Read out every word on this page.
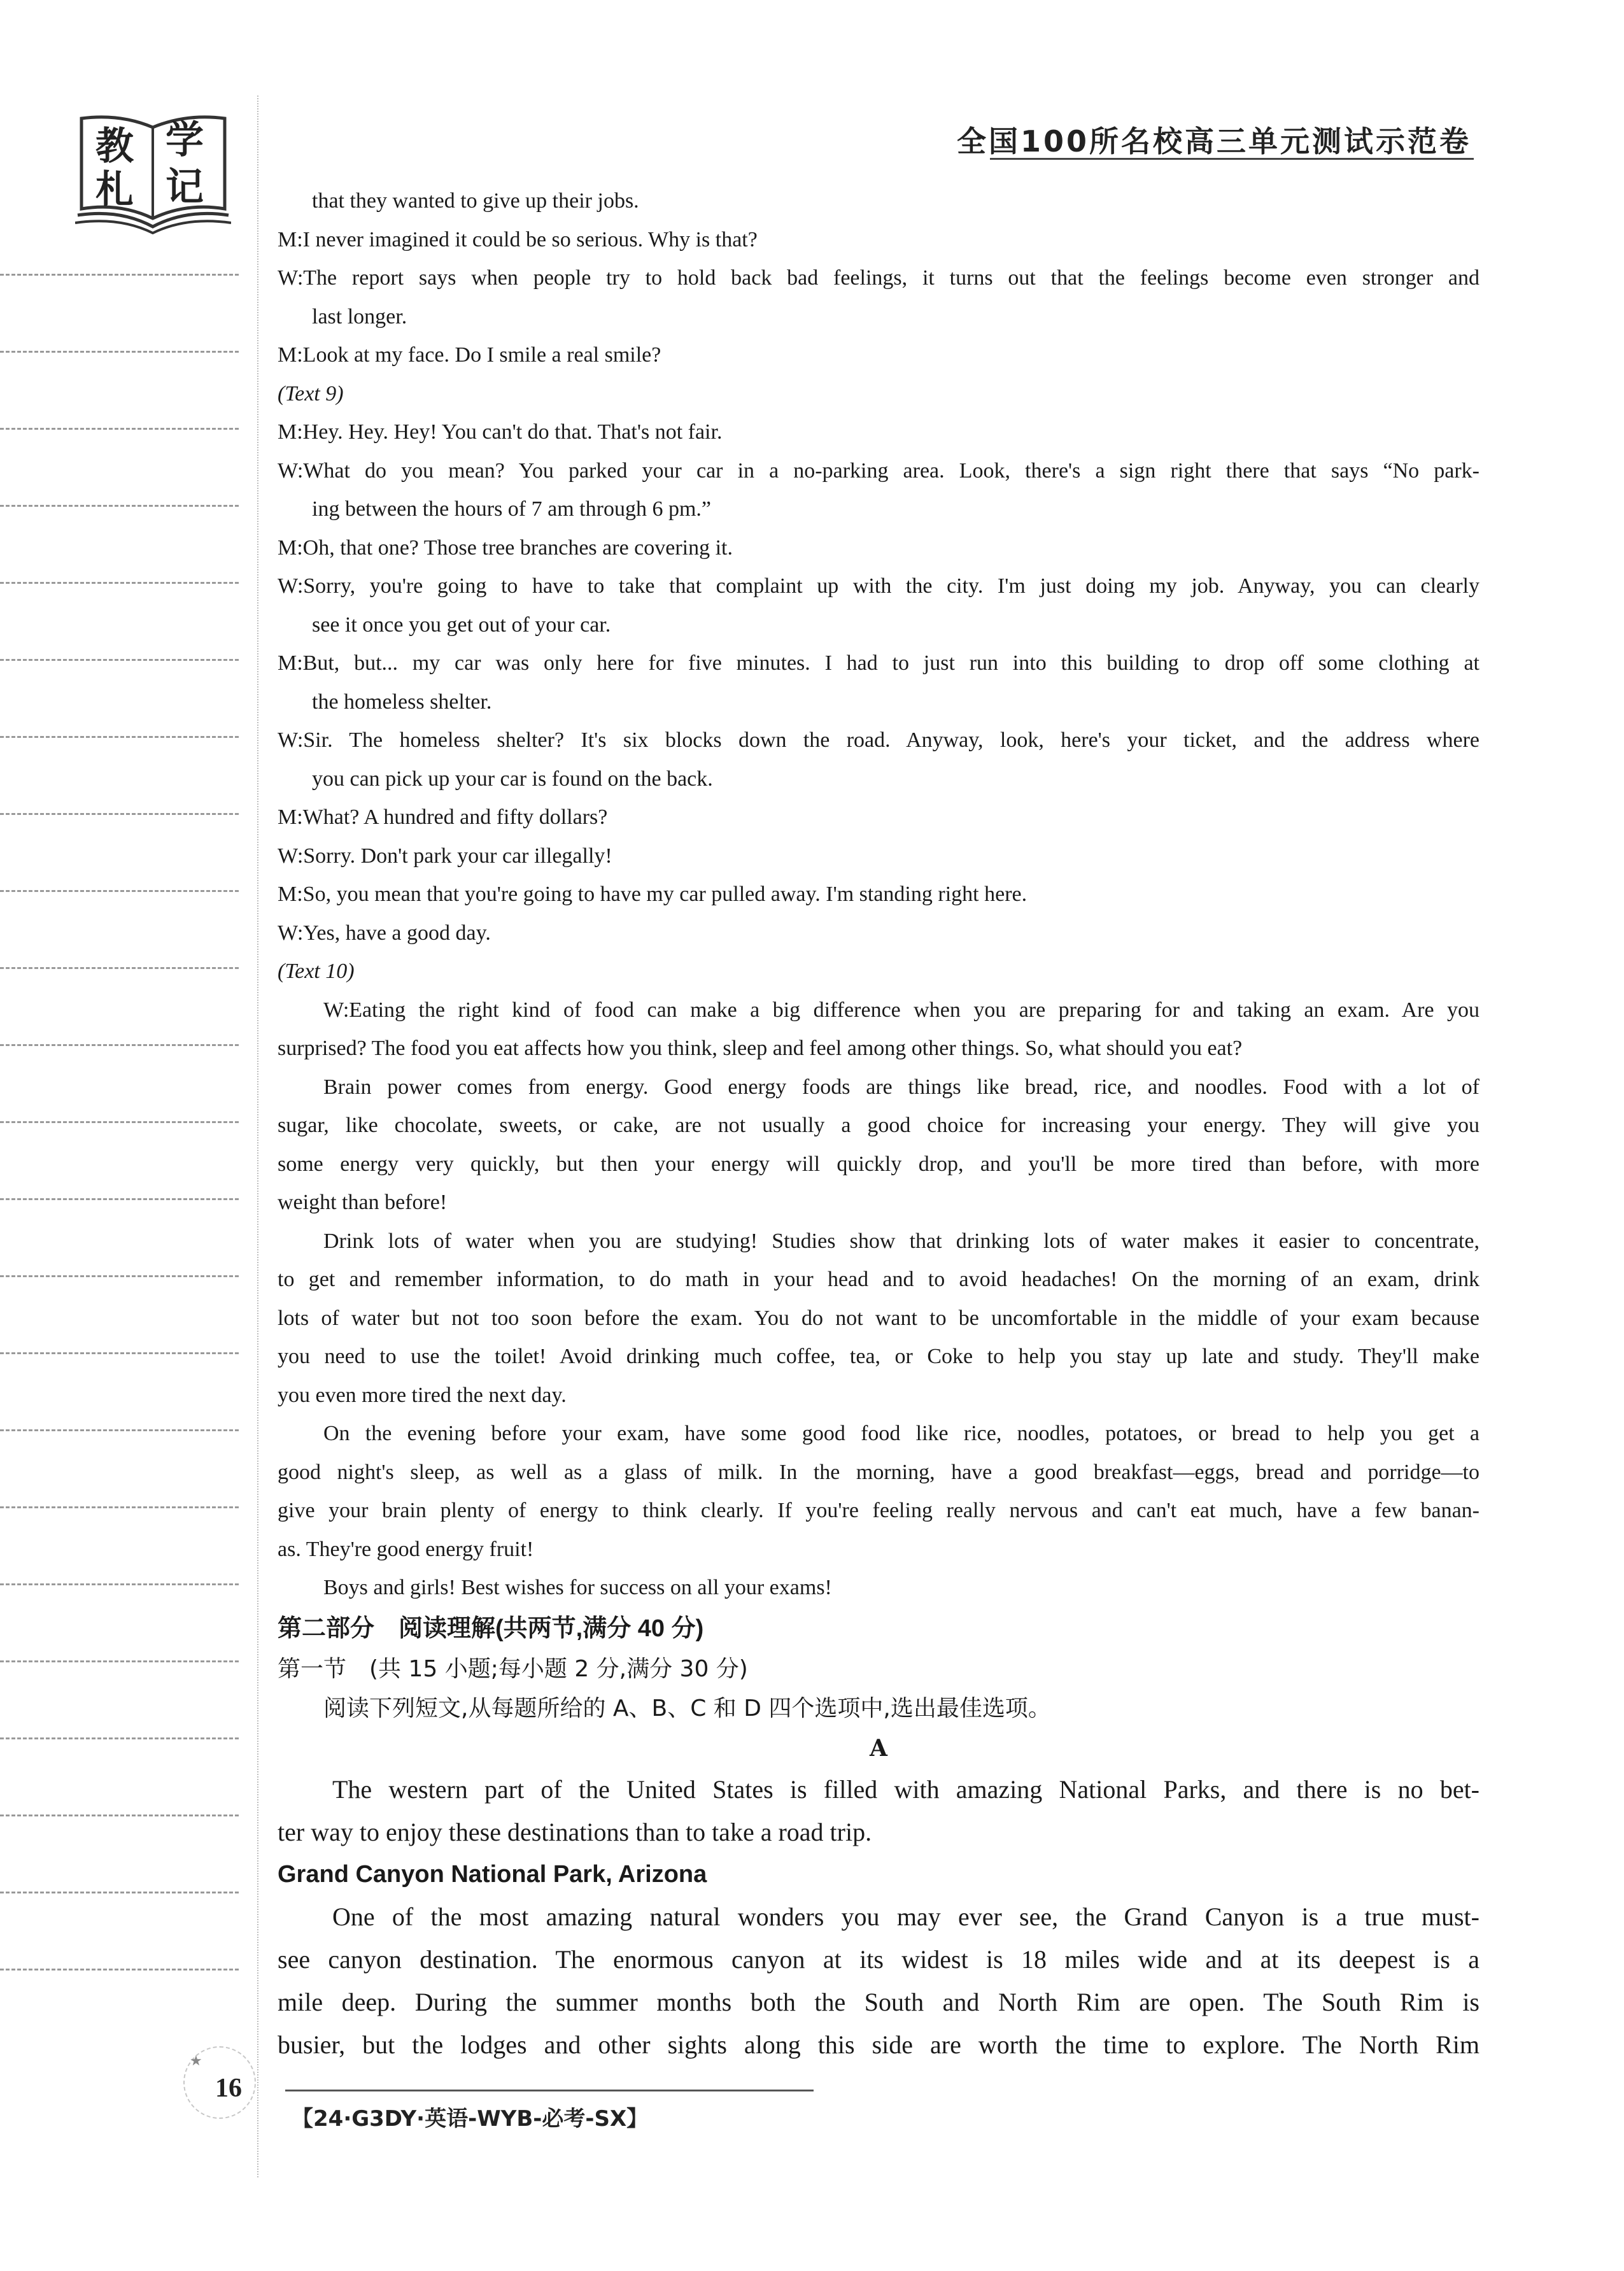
教 学
札 记
全国100所名校高三单元测试示范卷
that they wanted to give up their jobs.
M:I never imagined it could be so serious. Why is that?
W:The report says when people try to hold back bad feelings, it turns out that the feelings become even stronger and
last longer.
M:Look at my face. Do I smile a real smile?
(Text 9)
M:Hey. Hey. Hey! You can't do that. That's not fair.
W:What do you mean? You parked your car in a no-parking area. Look, there's a sign right there that says “No park-
ing between the hours of 7 am through 6 pm.”
M:Oh, that one? Those tree branches are covering it.
W:Sorry, you're going to have to take that complaint up with the city. I'm just doing my job. Anyway, you can clearly
see it once you get out of your car.
M:But, but... my car was only here for five minutes. I had to just run into this building to drop off some clothing at
the homeless shelter.
W:Sir. The homeless shelter? It's six blocks down the road. Anyway, look, here's your ticket, and the address where
you can pick up your car is found on the back.
M:What? A hundred and fifty dollars?
W:Sorry. Don't park your car illegally!
M:So, you mean that you're going to have my car pulled away. I'm standing right here.
W:Yes, have a good day.
(Text 10)
W:Eating the right kind of food can make a big difference when you are preparing for and taking an exam. Are you
surprised? The food you eat affects how you think, sleep and feel among other things. So, what should you eat?
Brain power comes from energy. Good energy foods are things like bread, rice, and noodles. Food with a lot of
sugar, like chocolate, sweets, or cake, are not usually a good choice for increasing your energy. They will give you
some energy very quickly, but then your energy will quickly drop, and you'll be more tired than before, with more
weight than before!
Drink lots of water when you are studying! Studies show that drinking lots of water makes it easier to concentrate,
to get and remember information, to do math in your head and to avoid headaches! On the morning of an exam, drink
lots of water but not too soon before the exam. You do not want to be uncomfortable in the middle of your exam because
you need to use the toilet! Avoid drinking much coffee, tea, or Coke to help you stay up late and study. They'll make
you even more tired the next day.
On the evening before your exam, have some good food like rice, noodles, potatoes, or bread to help you get a
good night's sleep, as well as a glass of milk. In the morning, have a good breakfast—eggs, bread and porridge—to
give your brain plenty of energy to think clearly. If you're feeling really nervous and can't eat much, have a few banan-
as. They're good energy fruit!
Boys and girls! Best wishes for success on all your exams!
第二部分　阅读理解(共两节,满分 40 分)
第一节　(共 15 小题;每小题 2 分,满分 30 分)
阅读下列短文,从每题所给的 A、B、C 和 D 四个选项中,选出最佳选项。
A
The western part of the United States is filled with amazing National Parks, and there is no bet-
ter way to enjoy these destinations than to take a road trip.
Grand Canyon National Park, Arizona
One of the most amazing natural wonders you may ever see, the Grand Canyon is a true must-
see canyon destination. The enormous canyon at its widest is 18 miles wide and at its deepest is a
mile deep. During the summer months both the South and North Rim are open. The South Rim is
busier, but the lodges and other sights along this side are worth the time to explore. The North Rim
★
16
【24·G3DY·英语-WYB-必考-SX】
